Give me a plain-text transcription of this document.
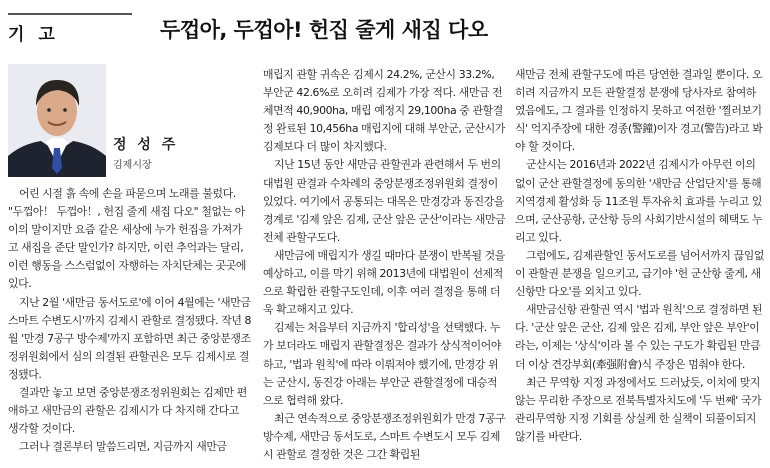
기 고	두껍아, 두껍아! 헌집 줄게 새집 다오
정 성 주
김제시장

어린 시절 흙 속에 손을 파묻으며 노래를 불렀다. "두껍아！ 두껍아！, 헌집 줄게 새집 다오" 철없는 아이의 말이지만 요즘 같은 세상에 누가 헌집을 가져가고 새집을 준단 말인가? 하지만, 이런 추억과는 달리, 이런 행동을 스스럼없이 자행하는 자치단체는 곳곳에 있다.

지난 2월 '새만금 동서도로'에 이어 4월에는 '새만금 스마트 수변도시'까지 김제시 관할로 결정됐다. 작년 8월 '만경 7공구 방수제'까지 포함하면 최근 중앙분쟁조정위원회에서 심의 의결된 관할권은 모두 김제시로 결정됐다.

결과만 놓고 보면 중앙분쟁조정위원회는 김제만 편애하고 새만금의 관할은 김제시가 다 차지해 간다고 생각할 것이다.

그러나 결론부터 말씀드리면, 지금까지 새만금

매립지 관할 귀속은 김제시 24.2%, 군산시 33.2%, 부안군 42.6%로 오히려 김제가 가장 적다. 새만금 전체면적 40,900ha, 매립 예정지 29,100ha 중 관할결정 완료된 10,456ha 매립지에 대해 부안군, 군산시가 김제보다 더 많이 차지했다.

지난 15년 동안 새만금 관할권과 관련해서 두 번의 대법원 판결과 수차례의 중앙분쟁조정위원회 결정이 있었다. 여기에서 공통되는 대목은 만경강과 동진강을 경계로 '김제 앞은 김제, 군산 앞은 군산'이라는 새만금 전체 관할구도다.

새만금에 매립지가 생길 때마다 분쟁이 반복될 것을 예상하고, 이를 막기 위해 2013년에 대법원이 선제적으로 확립한 관할구도인데, 이후 여러 결정을 통해 더욱 확고해지고 있다.

김제는 처음부터 지금까지 '합리성'을 선택했다. 누가 보더라도 매립지 관할결정은 결과가 상식적이어야 하고, '법과 원칙'에 따라 이뤄져야 했기에, 만경강 위는 군산시, 동진강 아래는 부안군 관할결정에 대승적으로 협력해 왔다.

최근 연속적으로 중앙분쟁조정위원회가 만경 7공구 방수제, 새만금 동서도로, 스마트 수변도시 모두 김제시 관할로 결정한 것은 그간 확립된

새만금 전체 관할구도에 따른 당연한 결과일 뿐이다. 오히려 지금까지 모든 관할결정 분쟁에 당사자로 참여하였음에도, 그 결과를 인정하지 못하고 여전한 '찔러보기식' 억지주장에 대한 경종(警鐘)이자 경고(警告)라고 봐야 할 것이다.

군산시는 2016년과 2022년 김제시가 아무런 이의 없이 군산 관할결정에 동의한 '새만금 산업단지'를 통해 지역경제 활성화 등 11조원 투자유치 효과를 누리고 있으며, 군산공항, 군산항 등의 사회기반시설의 혜택도 누리고 있다.

그럼에도, 김제관할인 동서도로를 넘어서까지 끊임없이 관할권 분쟁을 일으키고, 급기야 '헌 군산항 줄게, 새 신항만 다오'를 외치고 있다.

새만금신항 관할권 역시 '법과 원칙'으로 결정하면 된다. '군산 앞은 군산, 김제 앞은 김제, 부안 앞은 부안'이라는, 이제는 '상식'이라 볼 수 있는 구도가 확립된 만큼 더 이상 견강부회(牽强附會)식 주장은 멈춰야 한다.

최근 무역항 지정 과정에서도 드러났듯, 이치에 맞지 않는 무리한 주장으로 전북특별자치도에 '두 번째' 국가관리무역항 지정 기회를 상실케 한 실책이 되풀이되지 않기를 바란다.
